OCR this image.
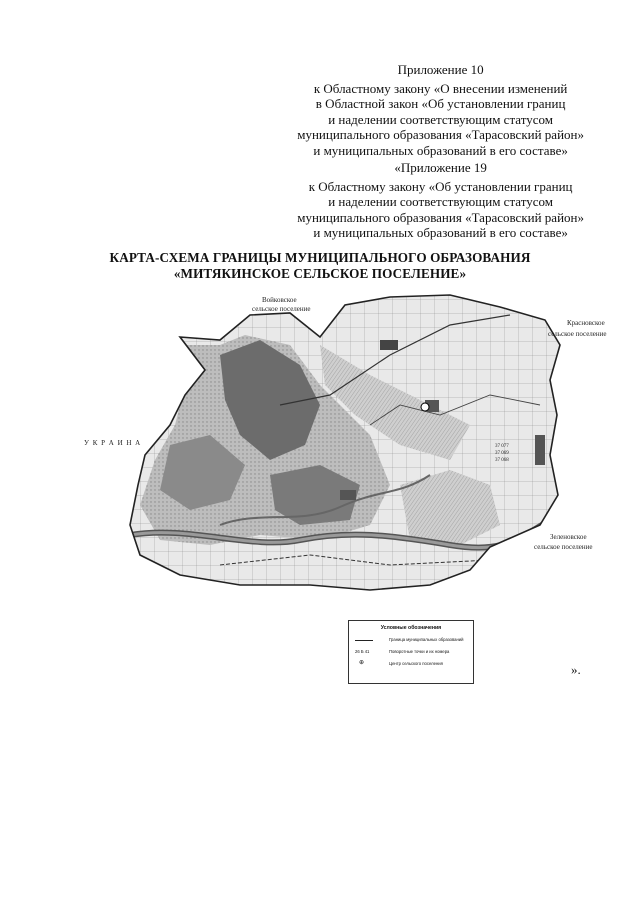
Приложение 10
к Областному закону «О внесении изменений
в Областной закон «Об установлении границ
и наделении соответствующим статусом
муниципального образования «Тарасовский район»
и муниципальных образований в его составе»
«Приложение 19
к Областному закону «Об установлении границ
и наделении соответствующим статусом
муниципального образования «Тарасовский район»
и муниципальных образований в его составе»
КАРТА-СХЕМА ГРАНИЦЫ МУНИЦИПАЛЬНОГО ОБРАЗОВАНИЯ
«МИТЯКИНСКОЕ СЕЛЬСКОЕ ПОСЕЛЕНИЕ»
Войковское
сельское поселение
Красновское
сельское поселение
Зеленовское
сельское поселение
У К Р А И Н А	37 077
37 069
37 068
Условные обозначения
Граница муниципальных образований
26 Б 41	Поворотные точки и их номера
⊕	Центр сельского поселения	».
